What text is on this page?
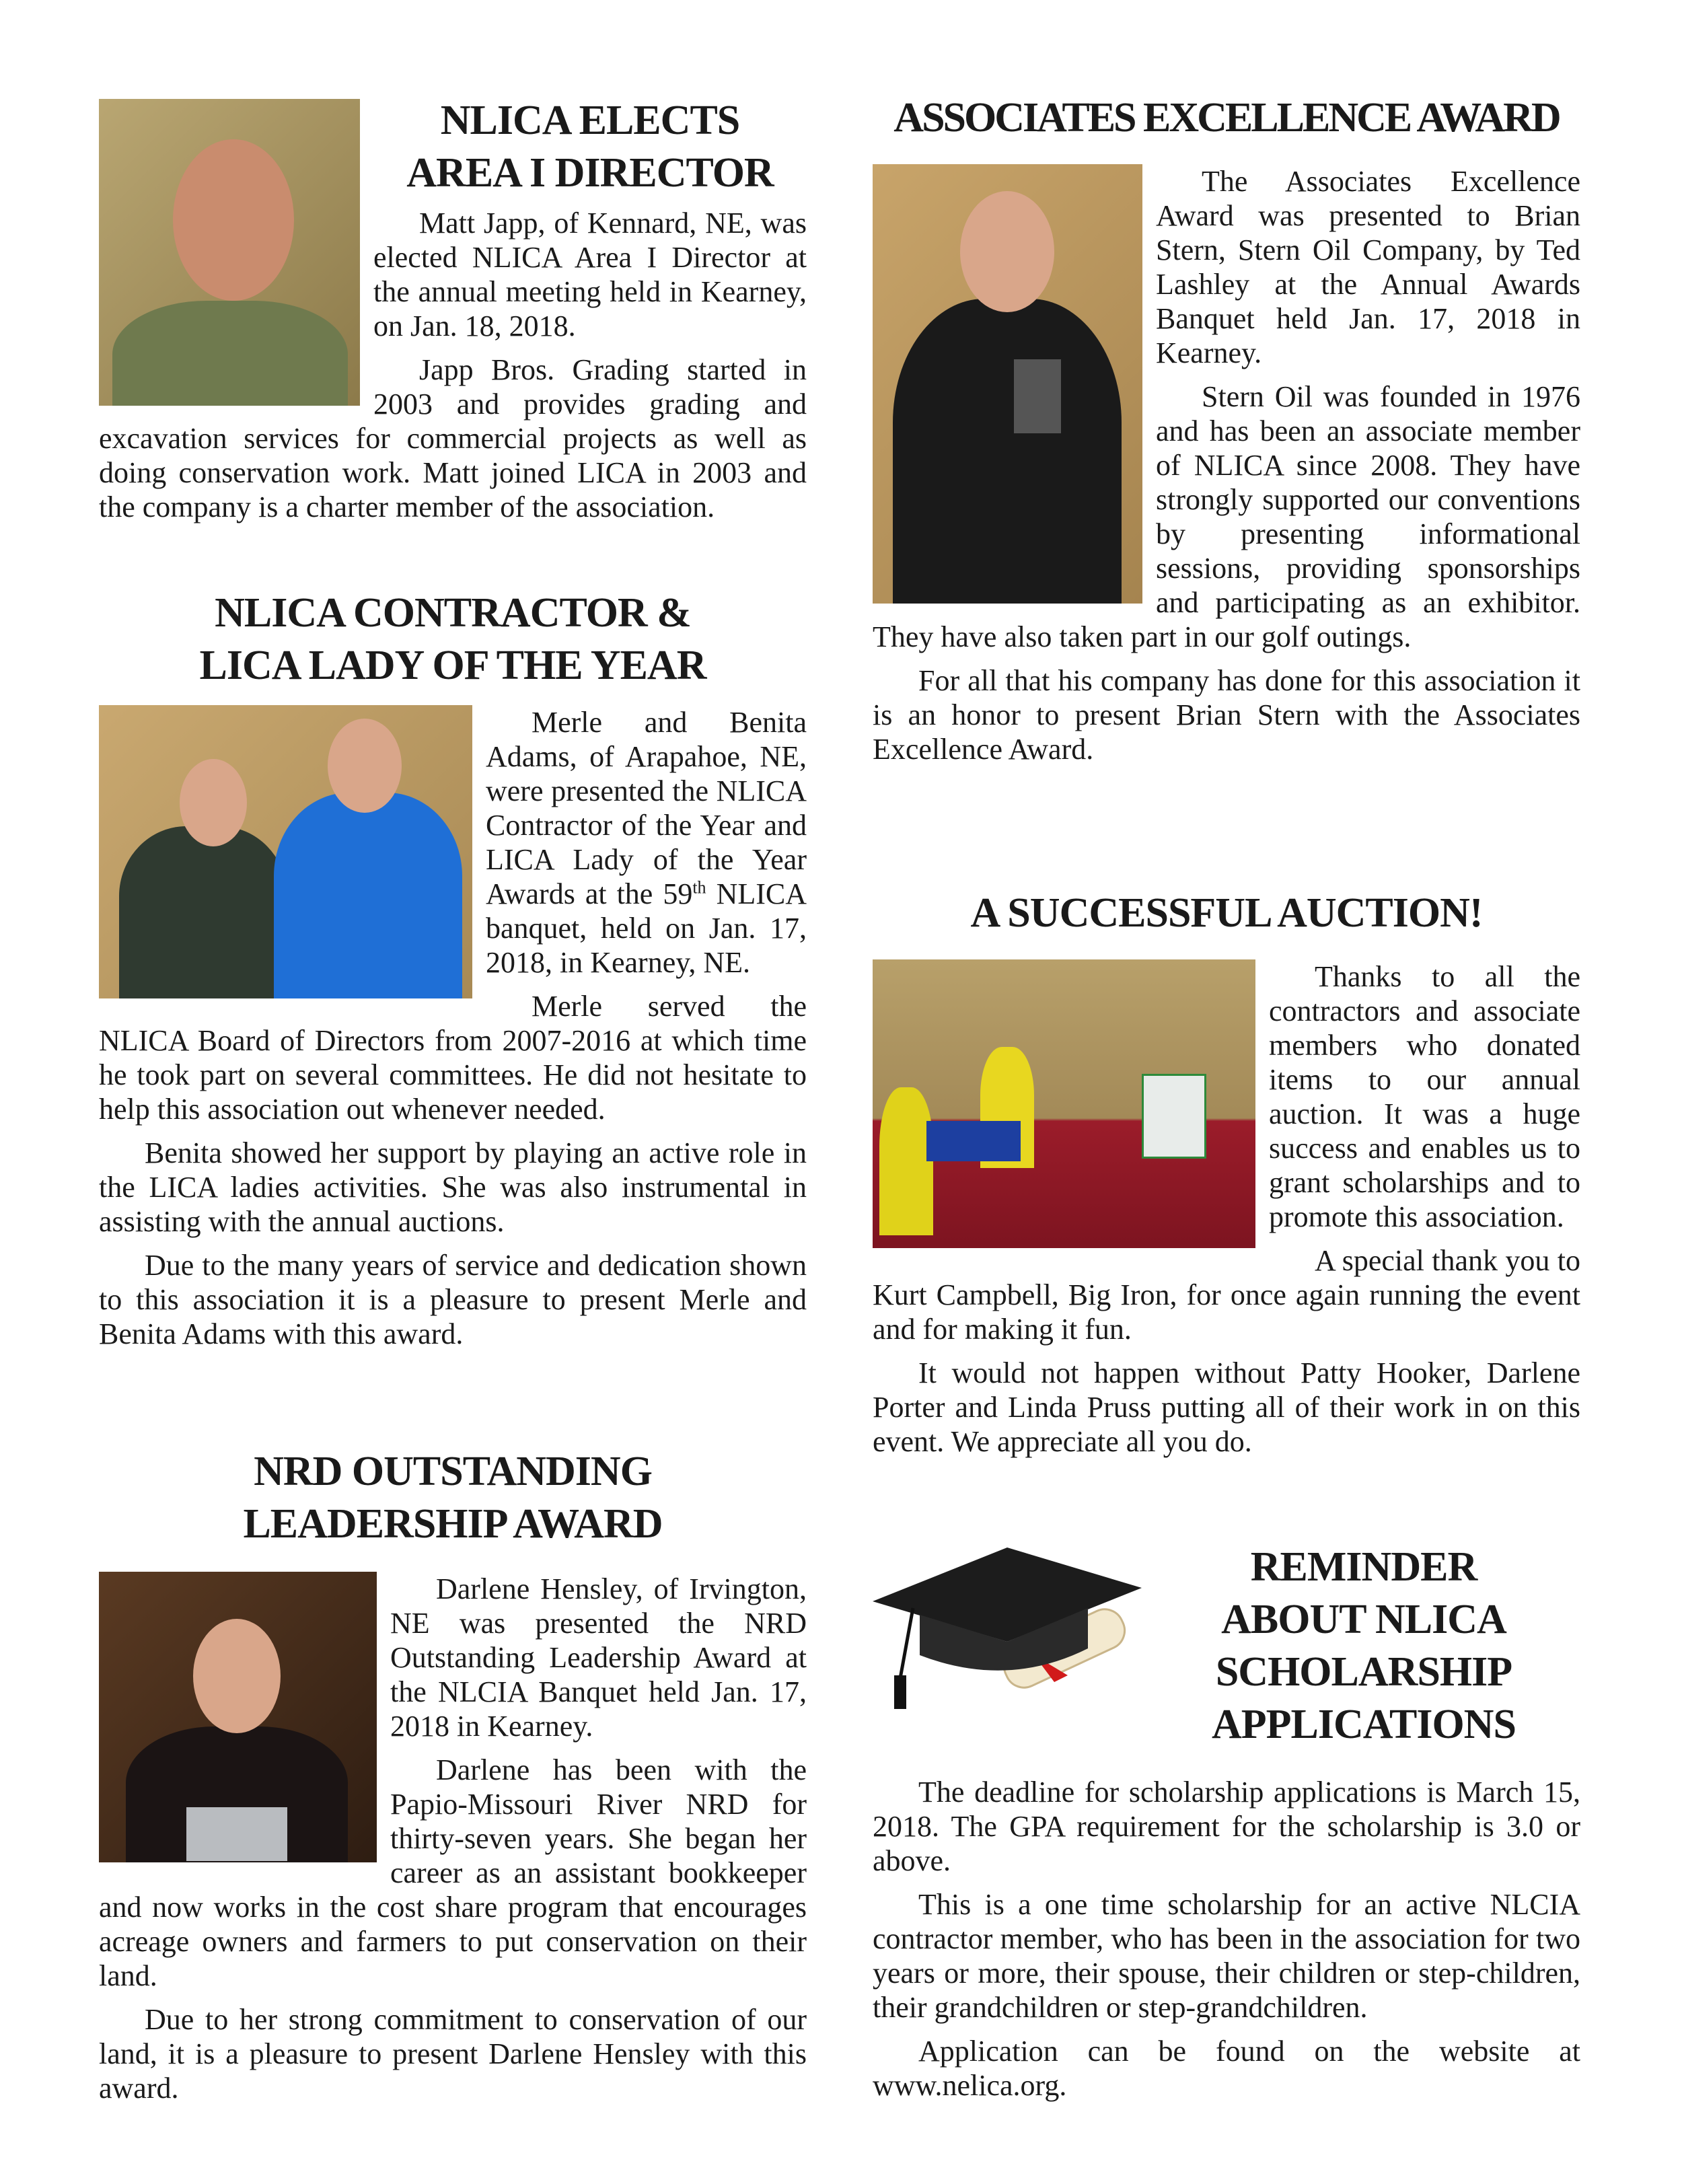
NLICA ELECTS
AREA I DIRECTOR

Matt Japp, of Kennard, NE, was elected NLICA Area I Director at the annual meeting held in Kearney, on Jan. 18, 2018.

Japp Bros. Grading started in 2003 and provides grading and excavation services for commercial projects as well as doing conservation work. Matt joined LICA in 2003 and the company is a charter member of the association.

NLICA CONTRACTOR &
LICA LADY OF THE YEAR

Merle and Benita Adams, of Arapahoe, NE, were presented the NLICA Contractor of the Year and LICA Lady of the Year Awards at the 59th NLICA banquet, held on Jan. 17, 2018, in Kearney, NE.

Merle served the NLICA Board of Directors from 2007-2016 at which time he took part on several committees. He did not hesitate to help this association out whenever needed.

Benita showed her support by playing an active role in the LICA ladies activities. She was also instrumental in assisting with the annual auctions.

Due to the many years of service and dedication shown to this association it is a pleasure to present Merle and Benita Adams with this award.

NRD OUTSTANDING
LEADERSHIP AWARD

Darlene Hensley, of Irvington, NE was presented the NRD Outstanding Leadership Award at the NLCIA Banquet held Jan. 17, 2018 in Kearney.

Darlene has been with the Papio-Missouri River NRD for thirty-seven years. She began her career as an assistant bookkeeper and now works in the cost share program that encourages acreage owners and farmers to put conservation on their land.

Due to her strong commitment to conservation of our land, it is a pleasure to present Darlene Hensley with this award.

ASSOCIATES EXCELLENCE AWARD

The Associates Excellence Award was presented to Brian Stern, Stern Oil Company, by Ted Lashley at the Annual Awards Banquet held Jan. 17, 2018 in Kearney.

Stern Oil was founded in 1976 and has been an associate member of NLICA since 2008. They have strongly supported our conventions by presenting informational sessions, providing sponsorships and participating as an exhibitor. They have also taken part in our golf outings.

For all that his company has done for this association it is an honor to present Brian Stern with the Associates Excellence Award.

A SUCCESSFUL AUCTION!

Thanks to all the contractors and associate members who donated items to our annual auction. It was a huge success and enables us to grant scholarships and to promote this association.

A special thank you to Kurt Campbell, Big Iron, for once again running the event and for making it fun.

It would not happen without Patty Hooker, Darlene Porter and Linda Pruss putting all of their work in on this event. We appreciate all you do.

REMINDER
ABOUT NLICA
SCHOLARSHIP
APPLICATIONS

The deadline for scholarship applications is March 15, 2018. The GPA requirement for the scholarship is 3.0 or above.

This is a one time scholarship for an active NLCIA contractor member, who has been in the association for two years or more, their spouse, their children or step-children, their grandchildren or step-grandchildren.

Application can be found on the website at www.nelica.org.
